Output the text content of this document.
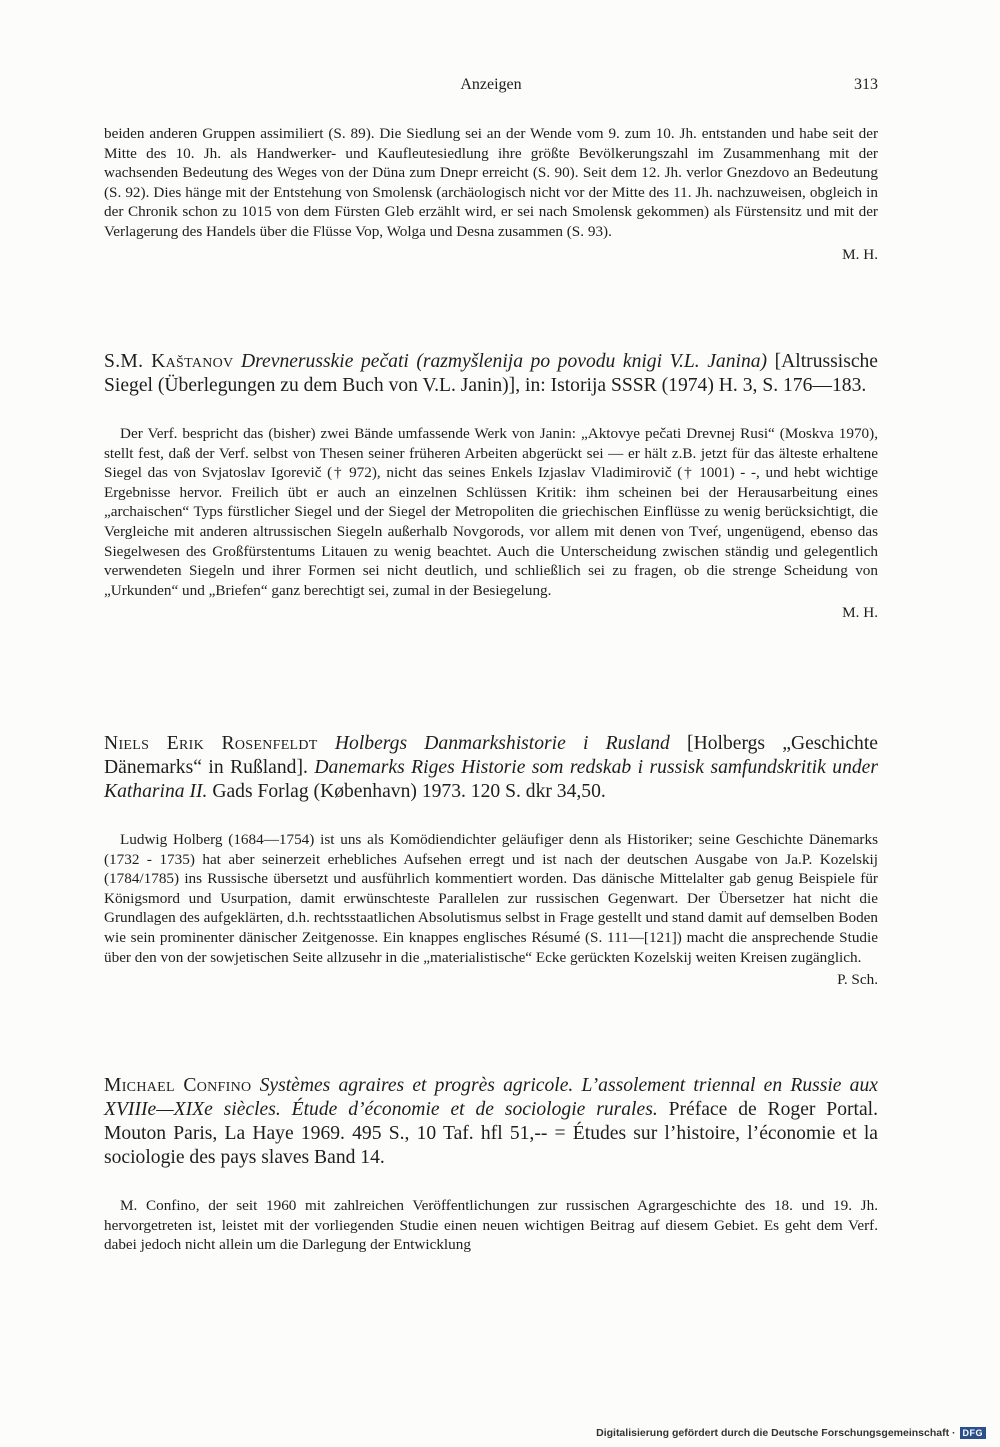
Anzeigen	313

beiden anderen Gruppen assimiliert (S. 89). Die Siedlung sei an der Wende vom 9. zum 10. Jh. entstanden und habe seit der Mitte des 10. Jh. als Handwerker- und Kaufleutesiedlung ihre größte Bevölkerungszahl im Zusammenhang mit der wachsenden Bedeutung des Weges von der Düna zum Dnepr erreicht (S. 90). Seit dem 12. Jh. verlor Gnezdovo an Bedeutung (S. 92). Dies hänge mit der Entstehung von Smolensk (archäologisch nicht vor der Mitte des 11. Jh. nachzuweisen, obgleich in der Chronik schon zu 1015 von dem Fürsten Gleb erzählt wird, er sei nach Smolensk gekommen) als Fürstensitz und mit der Verlagerung des Handels über die Flüsse Vop, Wolga und Desna zusammen (S. 93).

M. H.

S.M. Kaštanov Drevnerusskie pečati (razmyšlenija po povodu knigi V.L. Janina) [Altrussische Siegel (Überlegungen zu dem Buch von V.L. Janin)], in: Istorija SSSR (1974) H. 3, S. 176—183.

Der Verf. bespricht das (bisher) zwei Bände umfassende Werk von Janin: „Aktovye pečati Drevnej Rusi“ (Moskva 1970), stellt fest, daß der Verf. selbst von Thesen seiner früheren Arbeiten abgerückt sei — er hält z.B. jetzt für das älteste erhaltene Siegel das von Svjatoslav Igorevič († 972), nicht das seines Enkels Izjaslav Vladimirovič († 1001) - -, und hebt wichtige Ergebnisse hervor. Freilich übt er auch an einzelnen Schlüssen Kritik: ihm scheinen bei der Herausarbeitung eines „archaischen“ Typs fürstlicher Siegel und der Siegel der Metropoliten die griechischen Einflüsse zu wenig berücksichtigt, die Vergleiche mit anderen altrussischen Siegeln außerhalb Novgorods, vor allem mit denen von Tveŕ, ungenügend, ebenso das Siegelwesen des Großfürstentums Litauen zu wenig beachtet. Auch die Unterscheidung zwischen ständig und gelegentlich verwendeten Siegeln und ihrer Formen sei nicht deutlich, und schließlich sei zu fragen, ob die strenge Scheidung von „Urkunden“ und „Briefen“ ganz berechtigt sei, zumal in der Besiegelung.

M. H.

Niels Erik Rosenfeldt Holbergs Danmarkshistorie i Rusland [Holbergs „Geschichte Dänemarks“ in Rußland]. Danemarks Riges Historie som redskab i russisk samfundskritik under Katharina II. Gads Forlag (København) 1973. 120 S. dkr 34,50.

Ludwig Holberg (1684—1754) ist uns als Komödiendichter geläufiger denn als Historiker; seine Geschichte Dänemarks (1732 - 1735) hat aber seinerzeit erhebliches Aufsehen erregt und ist nach der deutschen Ausgabe von Ja.P. Kozelskij (1784/1785) ins Russische übersetzt und ausführlich kommentiert worden. Das dänische Mittelalter gab genug Beispiele für Königsmord und Usurpation, damit erwünschteste Parallelen zur russischen Gegenwart. Der Übersetzer hat nicht die Grundlagen des aufgeklärten, d.h. rechtsstaatlichen Absolutismus selbst in Frage gestellt und stand damit auf demselben Boden wie sein prominenter dänischer Zeitgenosse. Ein knappes englisches Résumé (S. 111—[121]) macht die ansprechende Studie über den von der sowjetischen Seite allzusehr in die „materialistische“ Ecke gerückten Kozelskij weiten Kreisen zugänglich.

P. Sch.

Michael Confino Systèmes agraires et progrès agricole. L’assolement triennal en Russie aux XVIIIe—XIXe siècles. Étude d’économie et de sociologie rurales. Préface de Roger Portal. Mouton Paris, La Haye 1969. 495 S., 10 Taf. hfl 51,-- = Études sur l’histoire, l’économie et la sociologie des pays slaves Band 14.

M. Confino, der seit 1960 mit zahlreichen Veröffentlichungen zur russischen Agrargeschichte des 18. und 19. Jh. hervorgetreten ist, leistet mit der vorliegenden Studie einen neuen wichtigen Beitrag auf diesem Gebiet. Es geht dem Verf. dabei jedoch nicht allein um die Darlegung der Entwicklung

Digitalisierung gefördert durch die Deutsche Forschungsgemeinschaft · DFG
